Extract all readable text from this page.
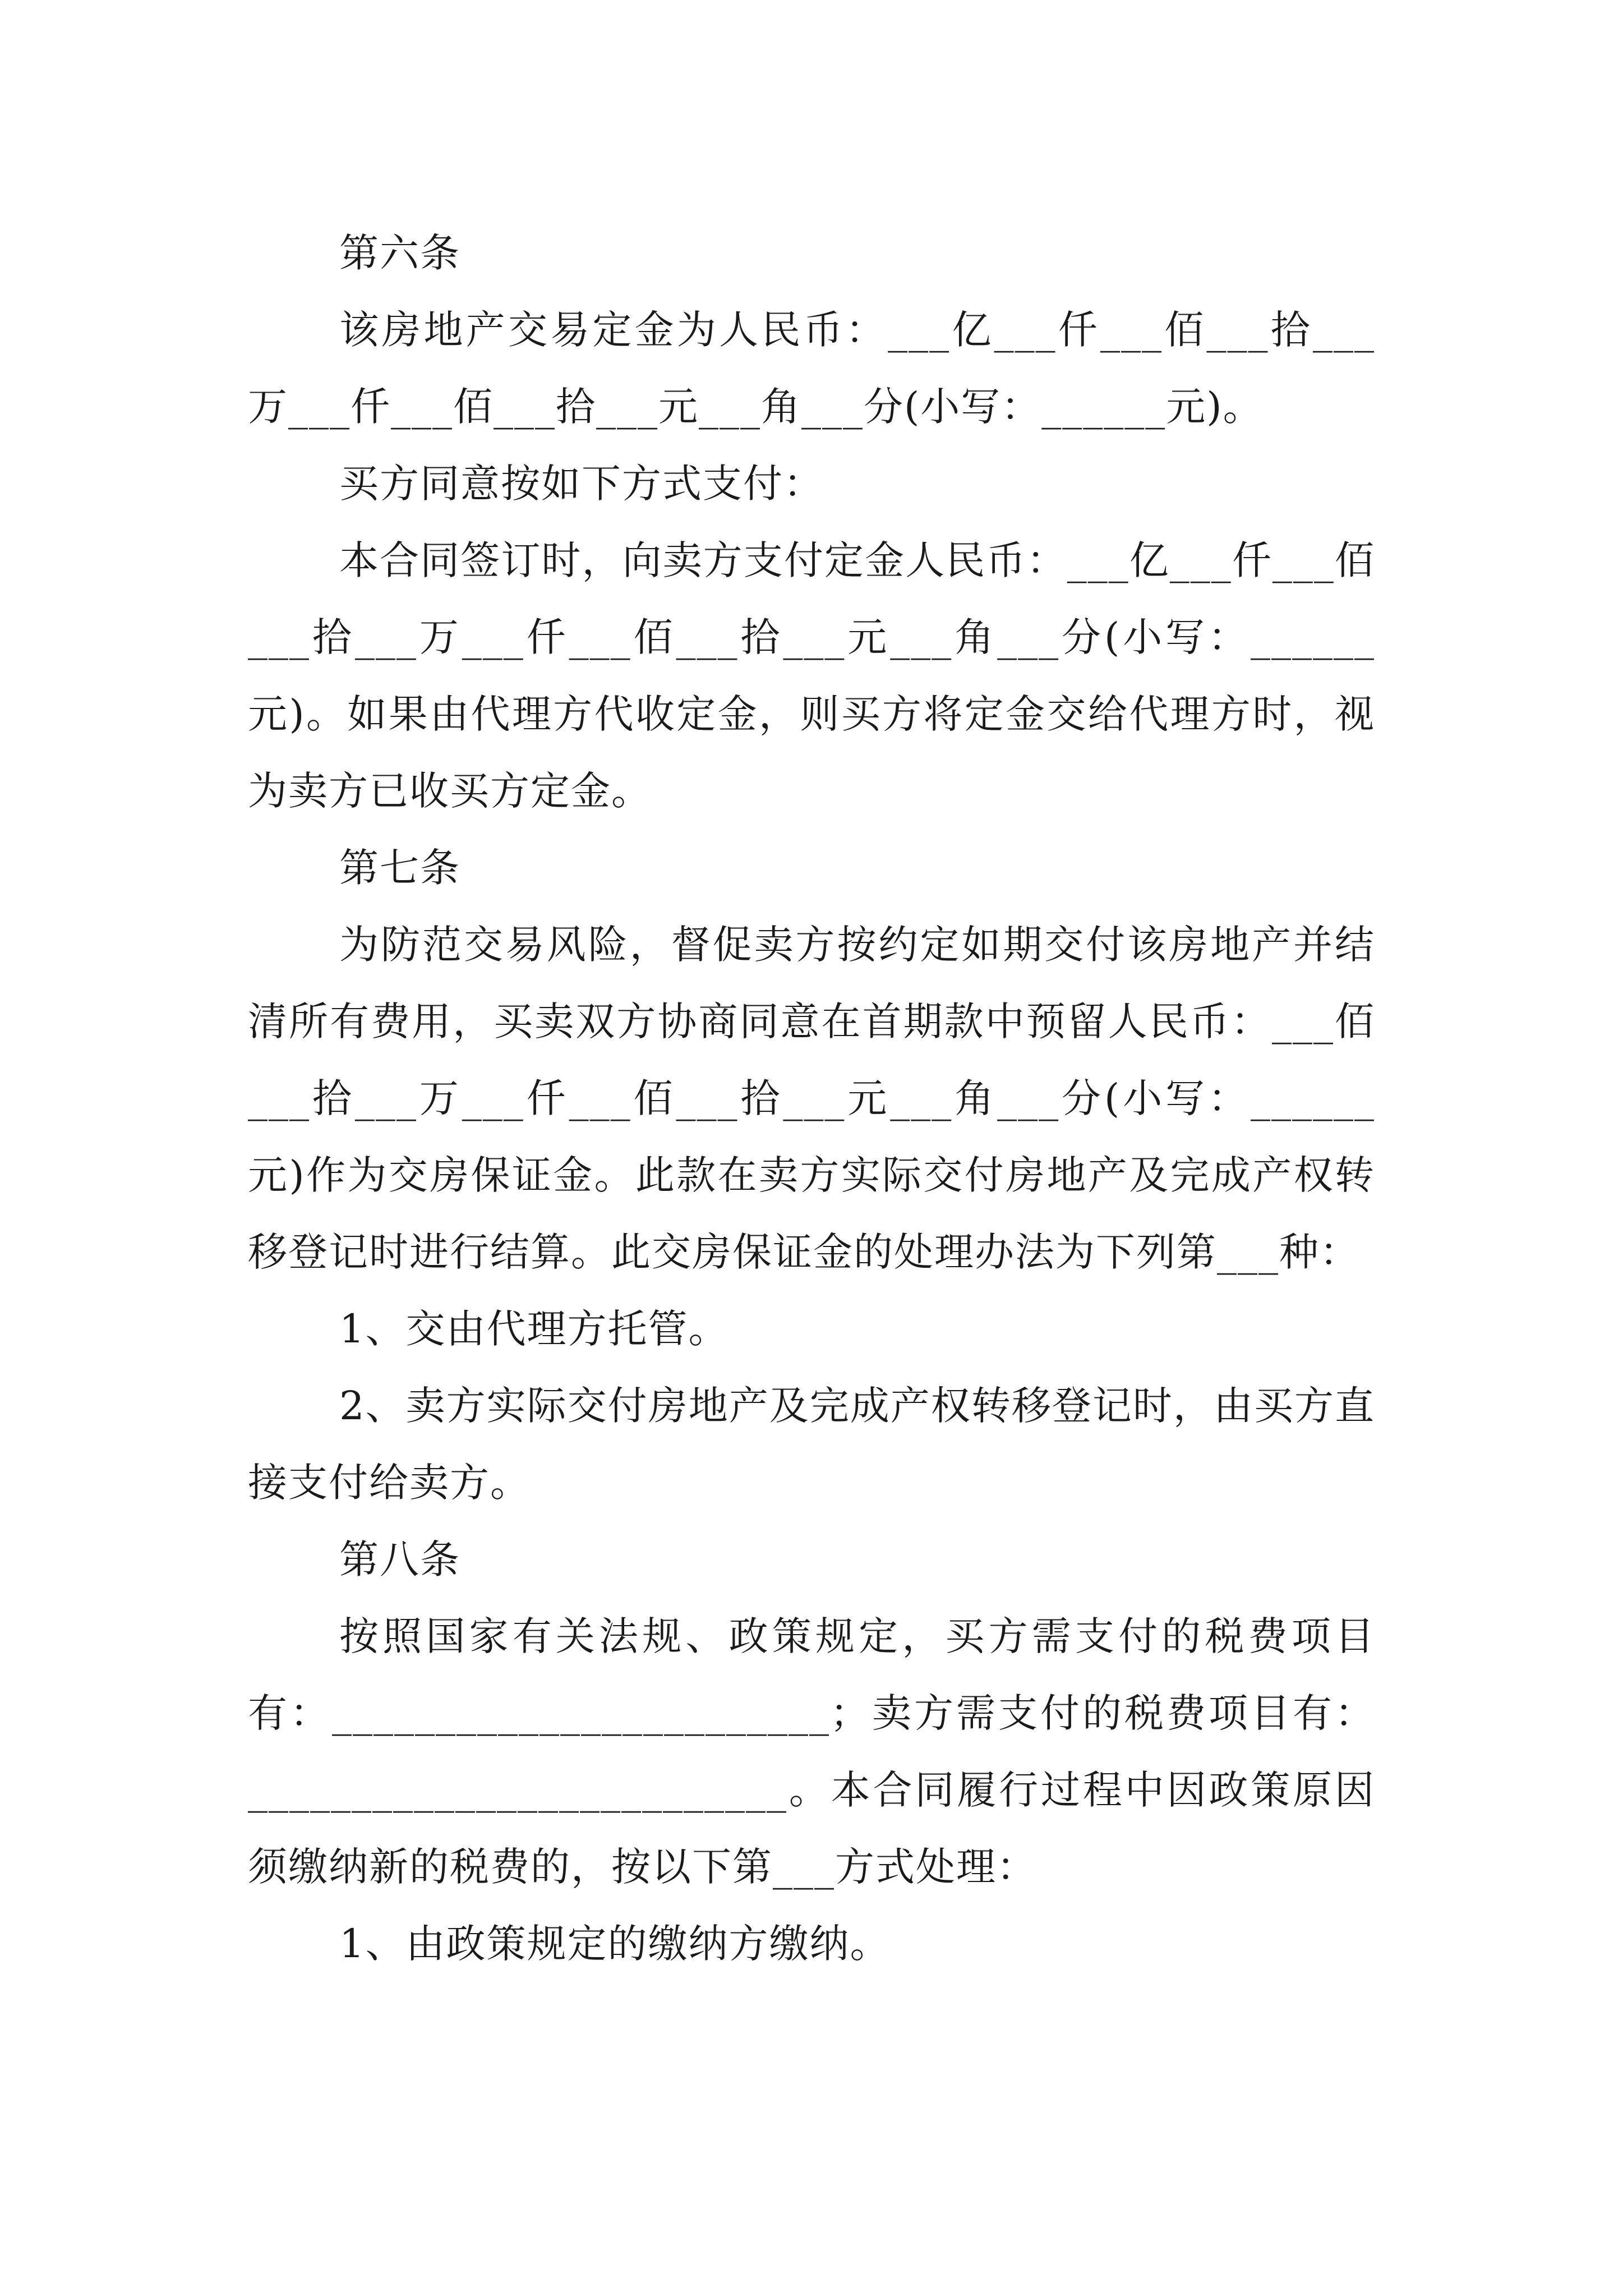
第六条

该房地产交易定金为人民币：___亿___仟___佰___拾___万___仟___佰___拾___元___角___分(小写：______元)。

买方同意按如下方式支付：

本合同签订时，向卖方支付定金人民币：___亿___仟___佰___拾___万___仟___佰___拾___元___角___分(小写：______元)。如果由代理方代收定金，则买方将定金交给代理方时，视为卖方已收买方定金。

第七条

为防范交易风险，督促卖方按约定如期交付该房地产并结清所有费用，买卖双方协商同意在首期款中预留人民币：___佰___拾___万___仟___佰___拾___元___角___分(小写：______元)作为交房保证金。此款在卖方实际交付房地产及完成产权转移登记时进行结算。此交房保证金的处理办法为下列第___种：

1、交由代理方托管。

2、卖方实际交付房地产及完成产权转移登记时，由买方直接支付给卖方。

第八条

按照国家有关法规、政策规定，买方需支付的税费项目有：________________________；卖方需支付的税费项目有：__________________________。本合同履行过程中因政策原因须缴纳新的税费的，按以下第___方式处理：

1、由政策规定的缴纳方缴纳。
